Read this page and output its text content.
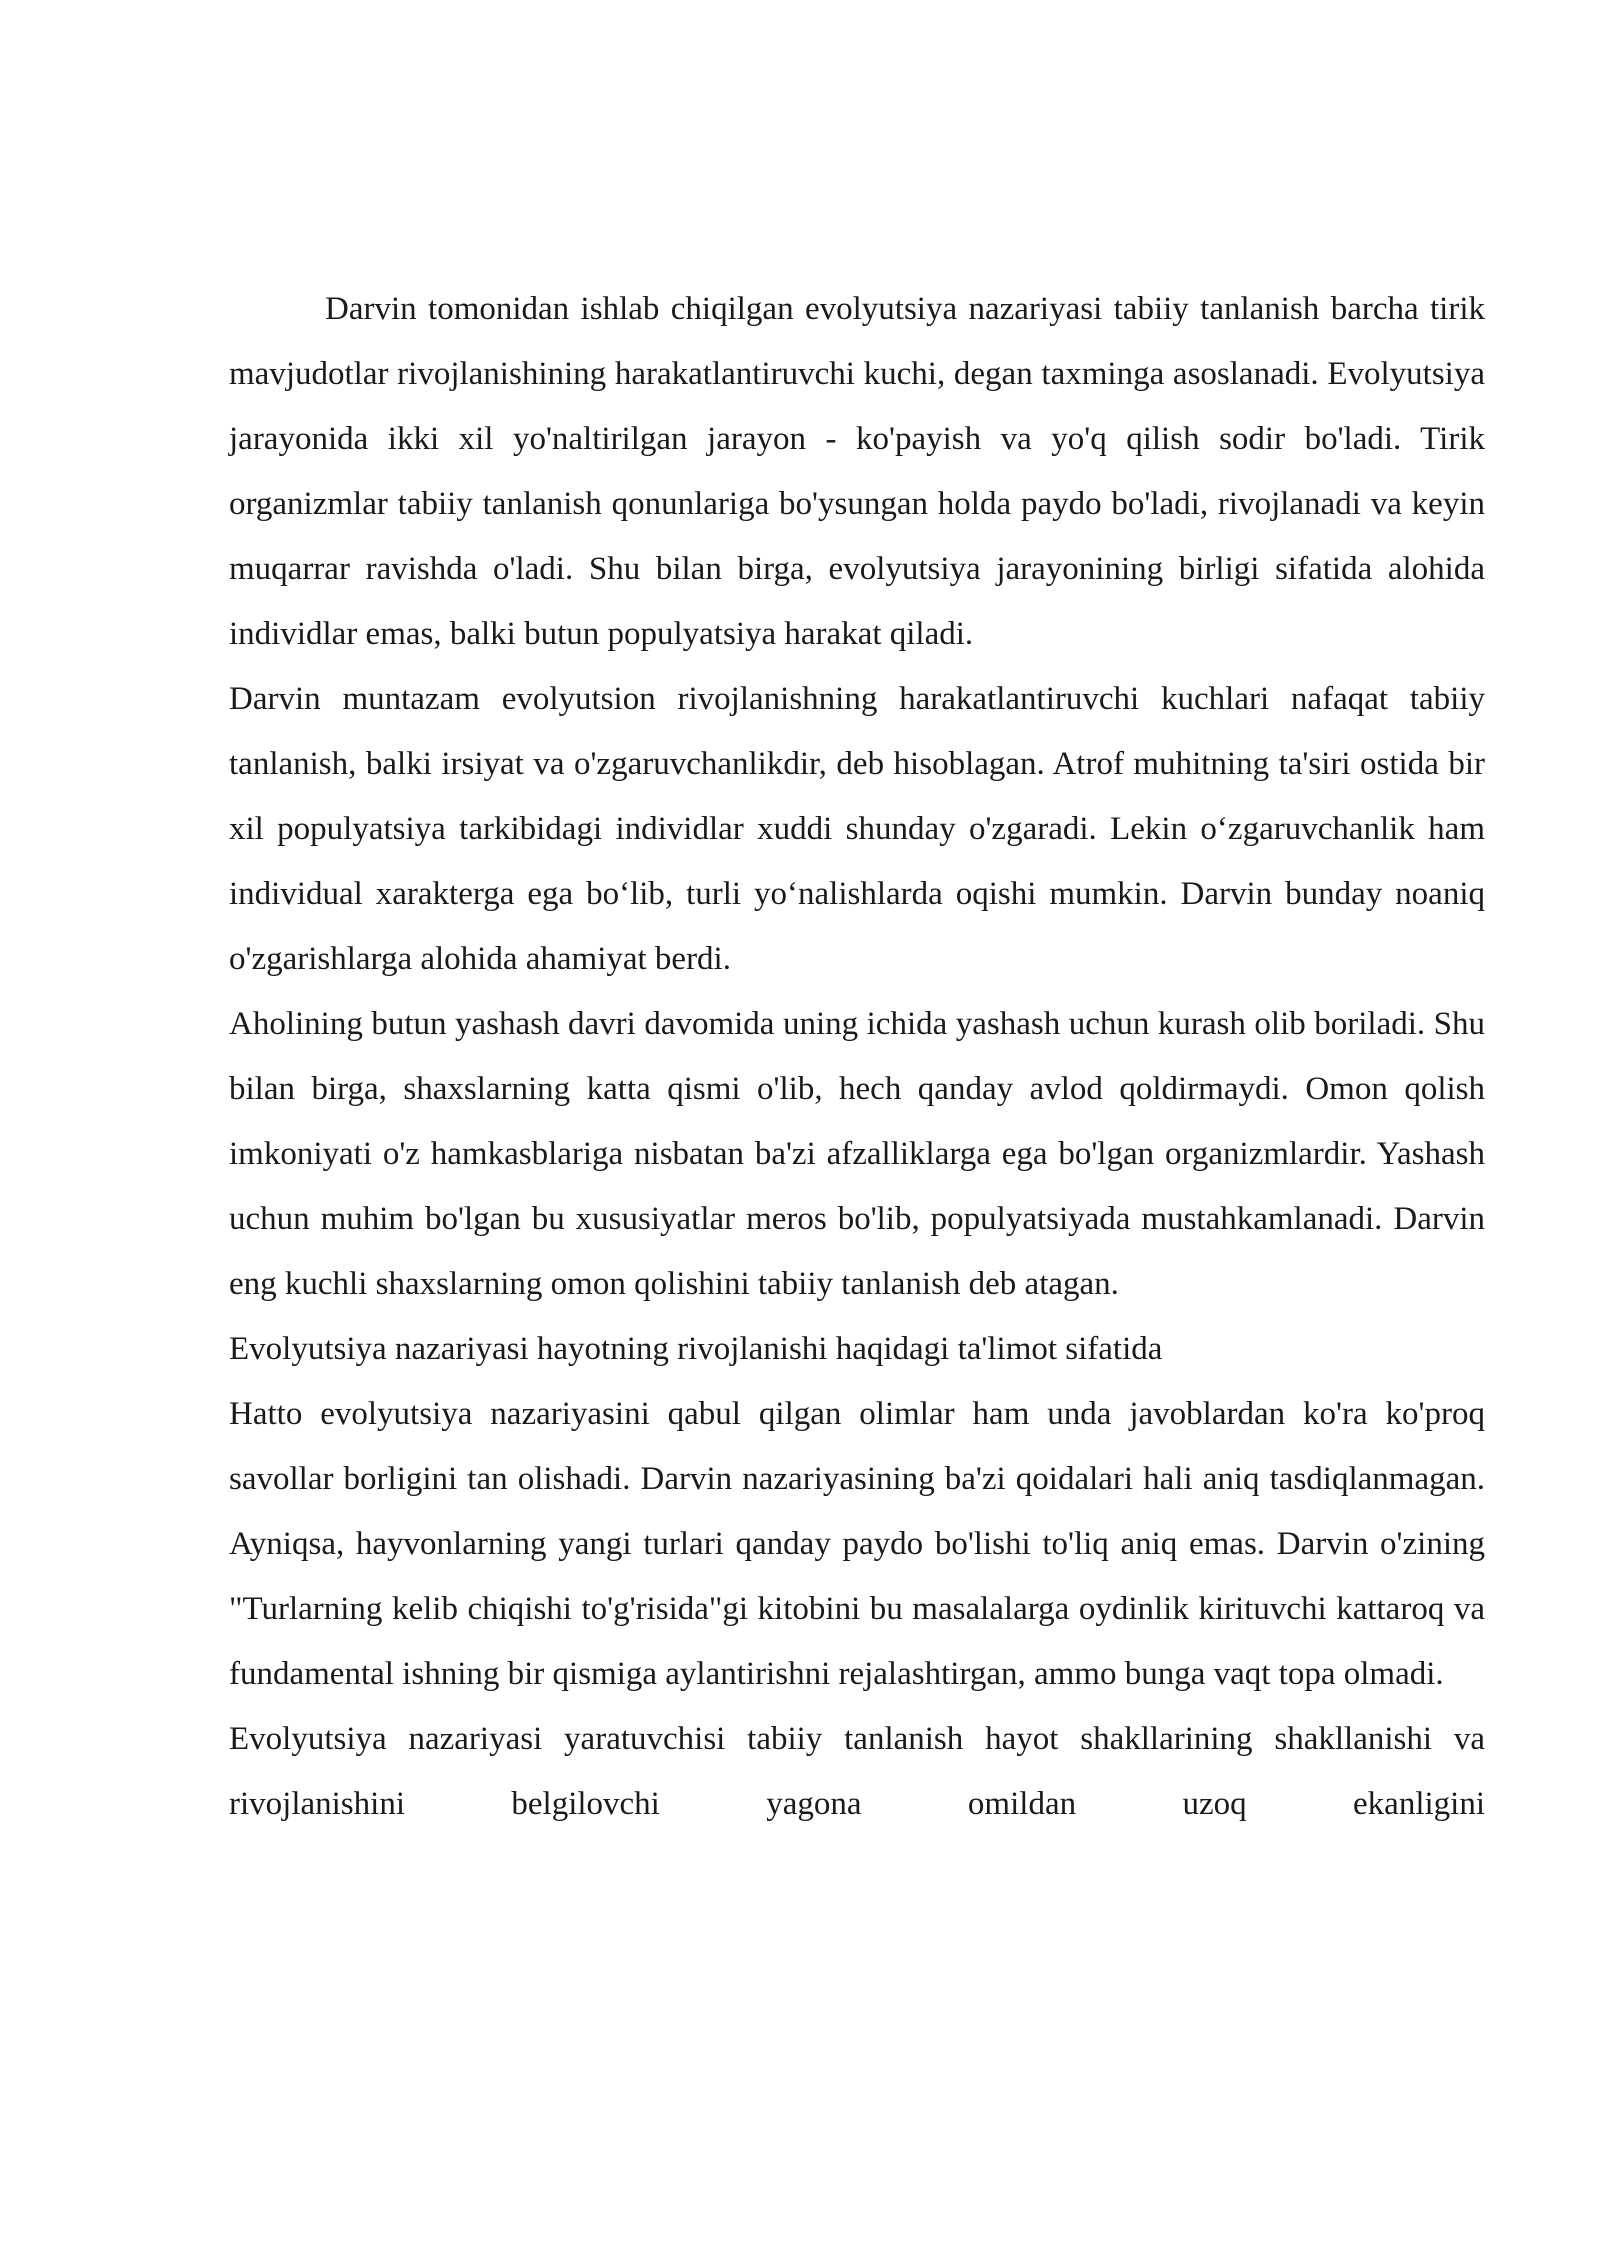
Darvin tomonidan ishlab chiqilgan evolyutsiya nazariyasi tabiiy tanlanish barcha tirik mavjudotlar rivojlanishining harakatlantiruvchi kuchi, degan taxminga asoslanadi. Evolyutsiya jarayonida ikki xil yo'naltirilgan jarayon - ko'payish va yo'q qilish sodir bo'ladi. Tirik organizmlar tabiiy tanlanish qonunlariga bo'ysungan holda paydo bo'ladi, rivojlanadi va keyin muqarrar ravishda o'ladi. Shu bilan birga, evolyutsiya jarayonining birligi sifatida alohida individlar emas, balki butun populyatsiya harakat qiladi.

Darvin muntazam evolyutsion rivojlanishning harakatlantiruvchi kuchlari nafaqat tabiiy tanlanish, balki irsiyat va o'zgaruvchanlikdir, deb hisoblagan. Atrof muhitning ta'siri ostida bir xil populyatsiya tarkibidagi individlar xuddi shunday o'zgaradi. Lekin o‘zgaruvchanlik ham individual xarakterga ega bo‘lib, turli yo‘nalishlarda oqishi mumkin. Darvin bunday noaniq o'zgarishlarga alohida ahamiyat berdi.

Aholining butun yashash davri davomida uning ichida yashash uchun kurash olib boriladi. Shu bilan birga, shaxslarning katta qismi o'lib, hech qanday avlod qoldirmaydi. Omon qolish imkoniyati o'z hamkasblariga nisbatan ba'zi afzalliklarga ega bo'lgan organizmlardir. Yashash uchun muhim bo'lgan bu xususiyatlar meros bo'lib, populyatsiyada mustahkamlanadi. Darvin eng kuchli shaxslarning omon qolishini tabiiy tanlanish deb atagan.

Evolyutsiya nazariyasi hayotning rivojlanishi haqidagi ta'limot sifatida

Hatto evolyutsiya nazariyasini qabul qilgan olimlar ham unda javoblardan ko'ra ko'proq savollar borligini tan olishadi. Darvin nazariyasining ba'zi qoidalari hali aniq tasdiqlanmagan. Ayniqsa, hayvonlarning yangi turlari qanday paydo bo'lishi to'liq aniq emas. Darvin o'zining "Turlarning kelib chiqishi to'g'risida"gi kitobini bu masalalarga oydinlik kirituvchi kattaroq va fundamental ishning bir qismiga aylantirishni rejalashtirgan, ammo bunga vaqt topa olmadi.

Evolyutsiya nazariyasi yaratuvchisi tabiiy tanlanish hayot shakllarining shakllanishi va rivojlanishini belgilovchi yagona omildan uzoq ekanligini
